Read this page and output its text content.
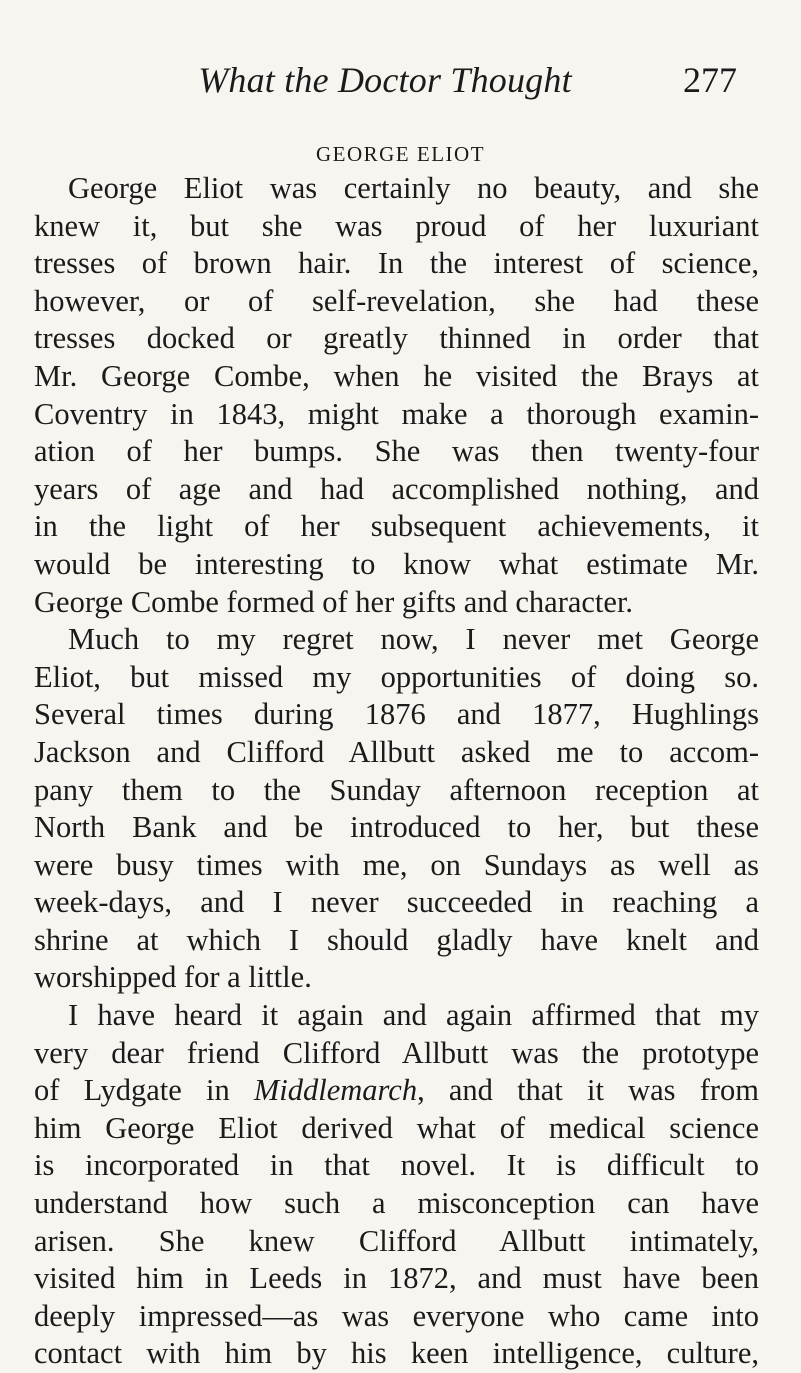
What the Doctor Thought	277
GEORGE ELIOT
George Eliot was certainly no beauty, and she
knew it, but she was proud of her luxuriant
tresses of brown hair. In the interest of science,
however, or of self-revelation, she had these
tresses docked or greatly thinned in order that
Mr. George Combe, when he visited the Brays at
Coventry in 1843, might make a thorough examin-
ation of her bumps. She was then twenty-four
years of age and had accomplished nothing, and
in the light of her subsequent achievements, it
would be interesting to know what estimate Mr.
George Combe formed of her gifts and character.
Much to my regret now, I never met George
Eliot, but missed my opportunities of doing so.
Several times during 1876 and 1877, Hughlings
Jackson and Clifford Allbutt asked me to accom-
pany them to the Sunday afternoon reception at
North Bank and be introduced to her, but these
were busy times with me, on Sundays as well as
week-days, and I never succeeded in reaching a
shrine at which I should gladly have knelt and
worshipped for a little.
I have heard it again and again affirmed that my
very dear friend Clifford Allbutt was the prototype
of Lydgate in Middlemarch, and that it was from
him George Eliot derived what of medical science
is incorporated in that novel. It is difficult to
understand how such a misconception can have
arisen. She knew Clifford Allbutt intimately,
visited him in Leeds in 1872, and must have been
deeply impressed—as was everyone who came into
contact with him by his keen intelligence, culture,
